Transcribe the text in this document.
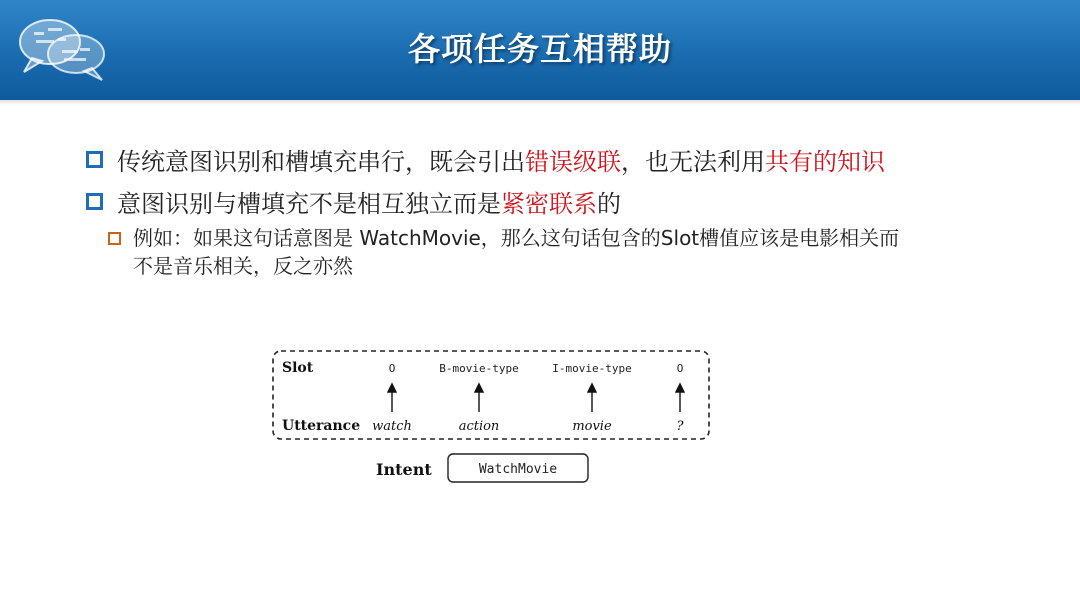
各项任务互相帮助
传统意图识别和槽填充串行，既会引出错误级联，也无法利用共有的知识
意图识别与槽填充不是相互独立而是紧密联系的
例如：如果这句话意图是 WatchMovie，那么这句话包含的Slot槽值应该是电影相关而
不是音乐相关，反之亦然
Slot
Utterance
O	B-movie-type	I-movie-type	O
watch	action	movie	?
Intent	WatchMovie
